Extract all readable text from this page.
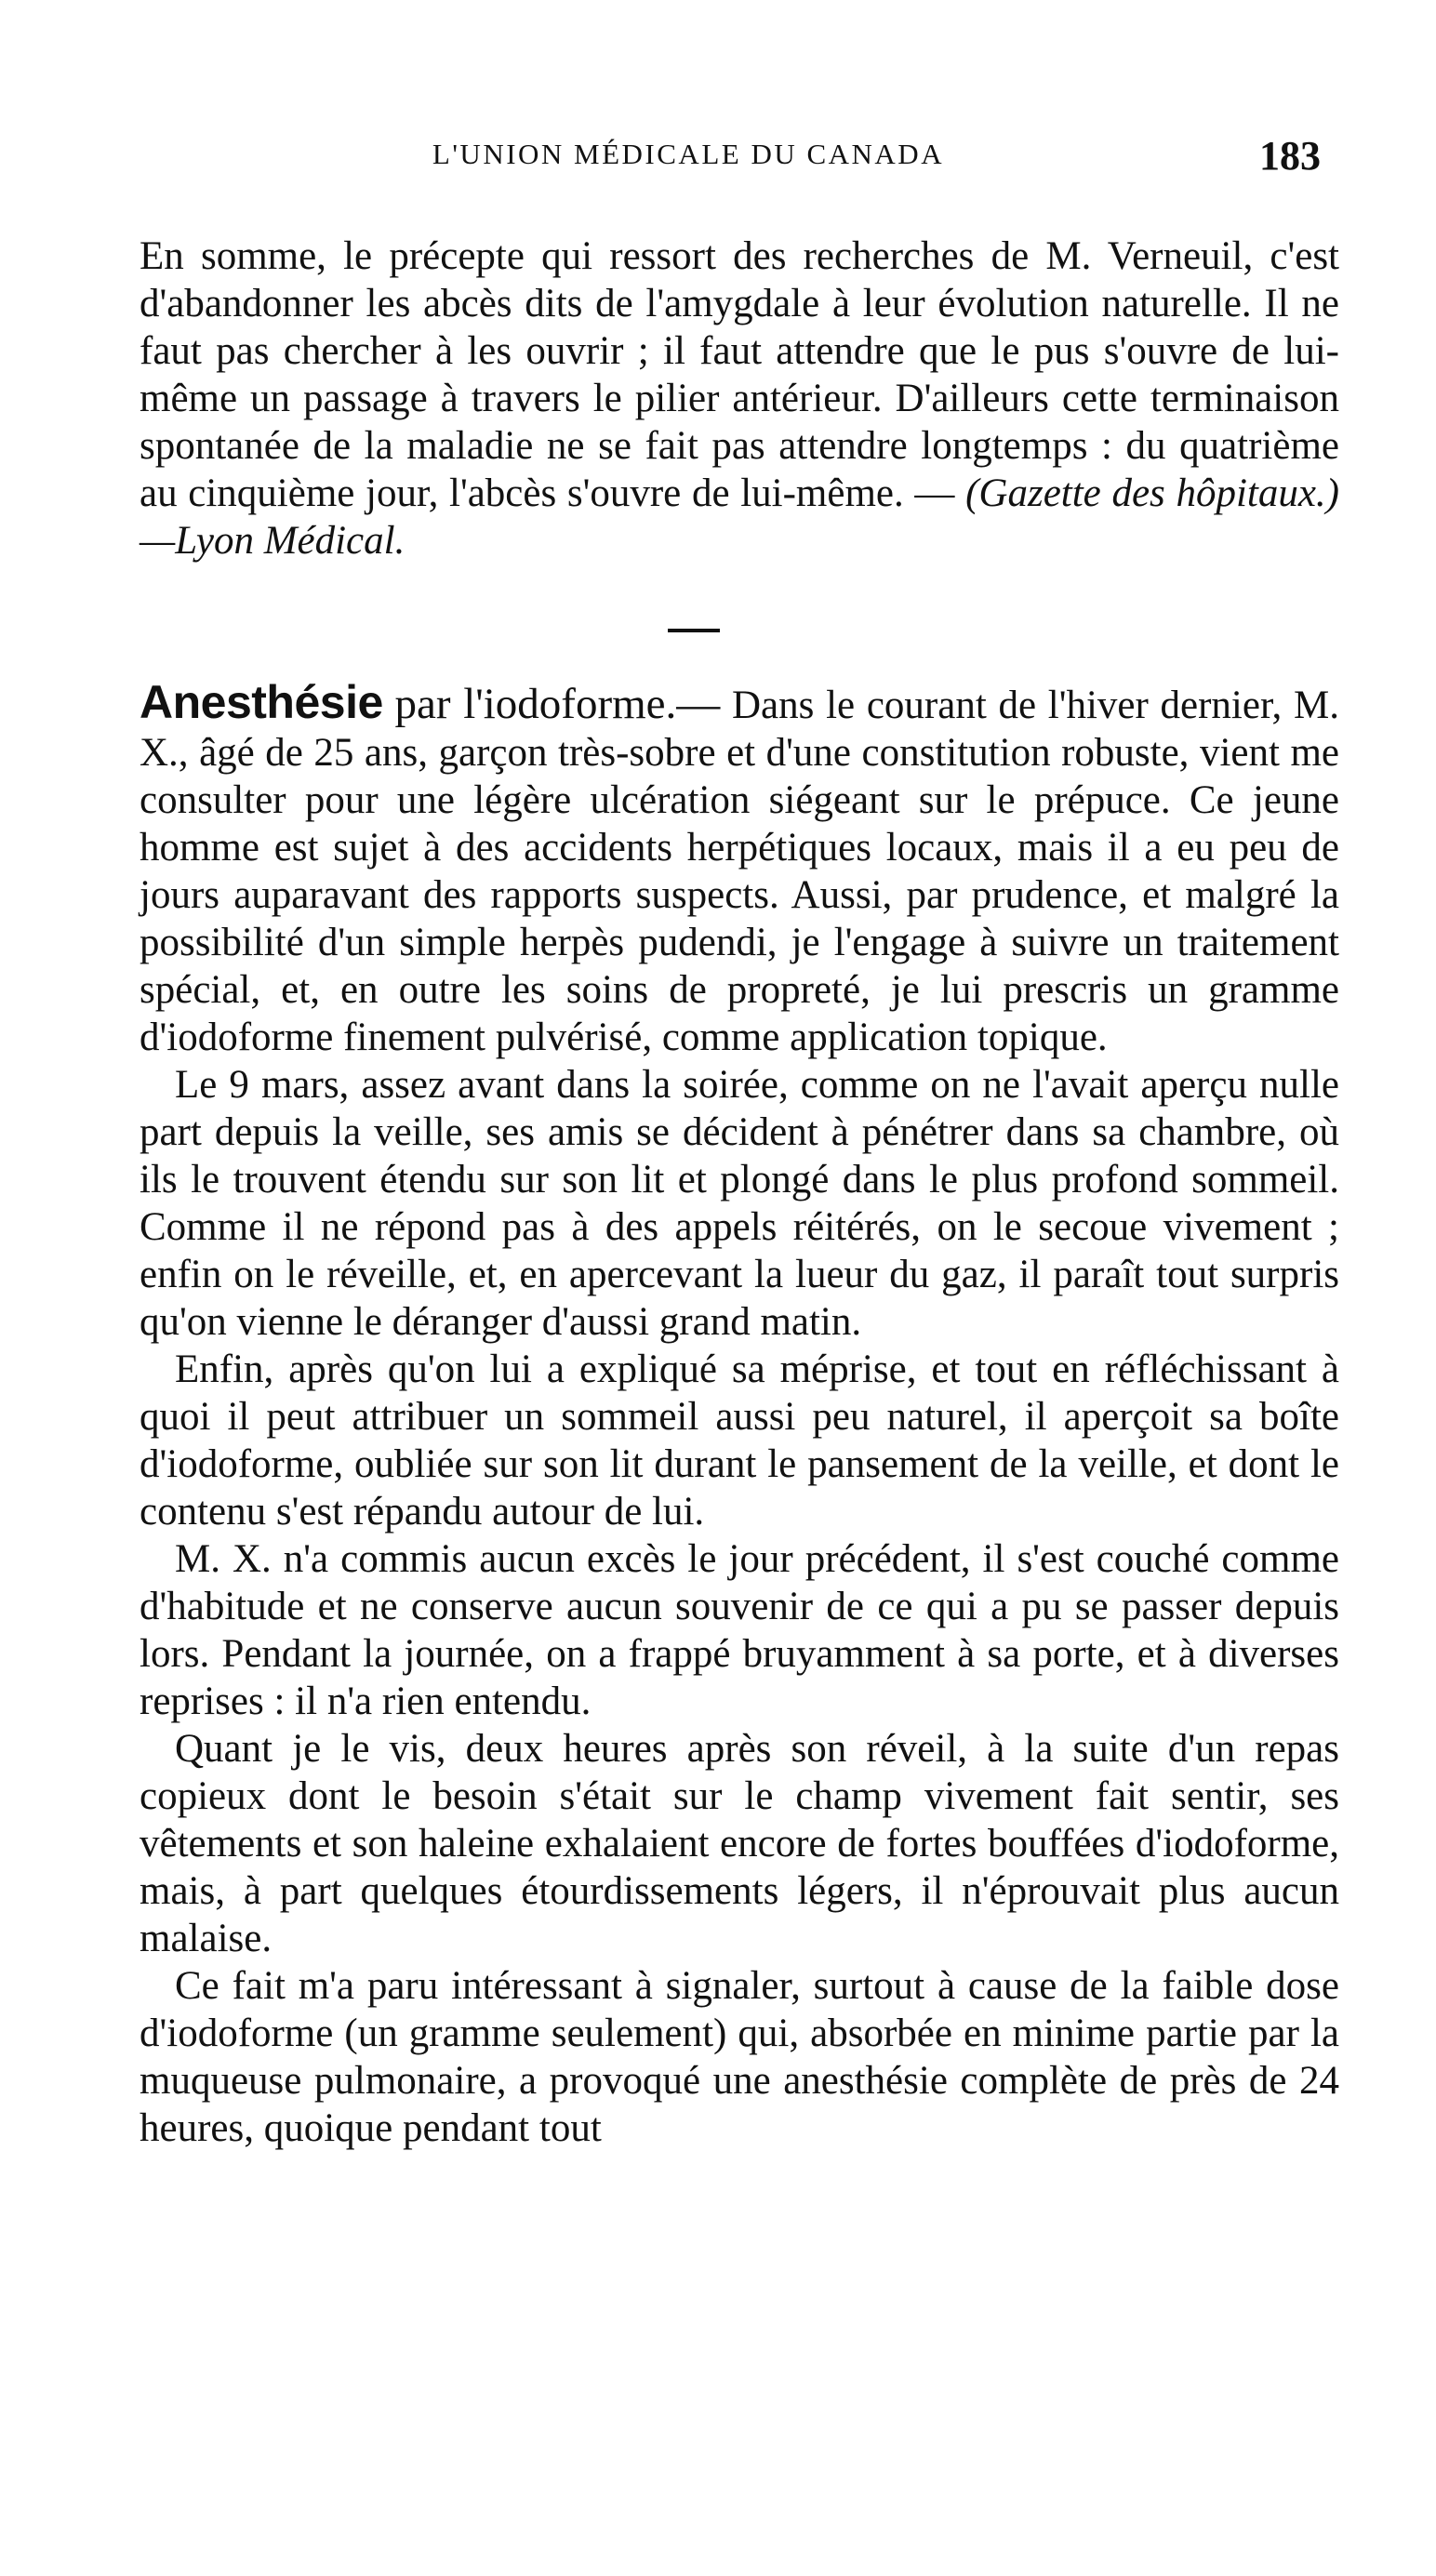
L'UNION MÉDICALE DU CANADA	183

En somme, le précepte qui ressort des recherches de M. Verneuil, c'est d'abandonner les abcès dits de l'amygdale à leur évolution naturelle. Il ne faut pas chercher à les ouvrir ; il faut attendre que le pus s'ouvre de lui-même un passage à travers le pilier antérieur. D'ailleurs cette terminaison spontanée de la maladie ne se fait pas attendre longtemps : du quatrième au cinquième jour, l'abcès s'ouvre de lui-même. — (Gazette des hôpitaux.)—Lyon Médical.

Anesthésie par l'iodoforme.— Dans le courant de l'hiver dernier, M. X., âgé de 25 ans, garçon très-sobre et d'une constitution robuste, vient me consulter pour une légère ulcération siégeant sur le prépuce. Ce jeune homme est sujet à des accidents herpétiques locaux, mais il a eu peu de jours auparavant des rapports suspects. Aussi, par prudence, et malgré la possibilité d'un simple herpès pudendi, je l'engage à suivre un traitement spécial, et, en outre les soins de propreté, je lui prescris un gramme d'iodoforme finement pulvérisé, comme application topique.

Le 9 mars, assez avant dans la soirée, comme on ne l'avait aperçu nulle part depuis la veille, ses amis se décident à pénétrer dans sa chambre, où ils le trouvent étendu sur son lit et plongé dans le plus profond sommeil. Comme il ne répond pas à des appels réitérés, on le secoue vivement ; enfin on le réveille, et, en apercevant la lueur du gaz, il paraît tout surpris qu'on vienne le déranger d'aussi grand matin.

Enfin, après qu'on lui a expliqué sa méprise, et tout en réfléchissant à quoi il peut attribuer un sommeil aussi peu naturel, il aperçoit sa boîte d'iodoforme, oubliée sur son lit durant le pansement de la veille, et dont le contenu s'est répandu autour de lui.

M. X. n'a commis aucun excès le jour précédent, il s'est couché comme d'habitude et ne conserve aucun souvenir de ce qui a pu se passer depuis lors. Pendant la journée, on a frappé bruyamment à sa porte, et à diverses reprises : il n'a rien entendu.

Quant je le vis, deux heures après son réveil, à la suite d'un repas copieux dont le besoin s'était sur le champ vivement fait sentir, ses vêtements et son haleine exhalaient encore de fortes bouffées d'iodoforme, mais, à part quelques étourdissements légers, il n'éprouvait plus aucun malaise.

Ce fait m'a paru intéressant à signaler, surtout à cause de la faible dose d'iodoforme (un gramme seulement) qui, absorbée en minime partie par la muqueuse pulmonaire, a provoqué une anesthésie complète de près de 24 heures, quoique pendant tout
